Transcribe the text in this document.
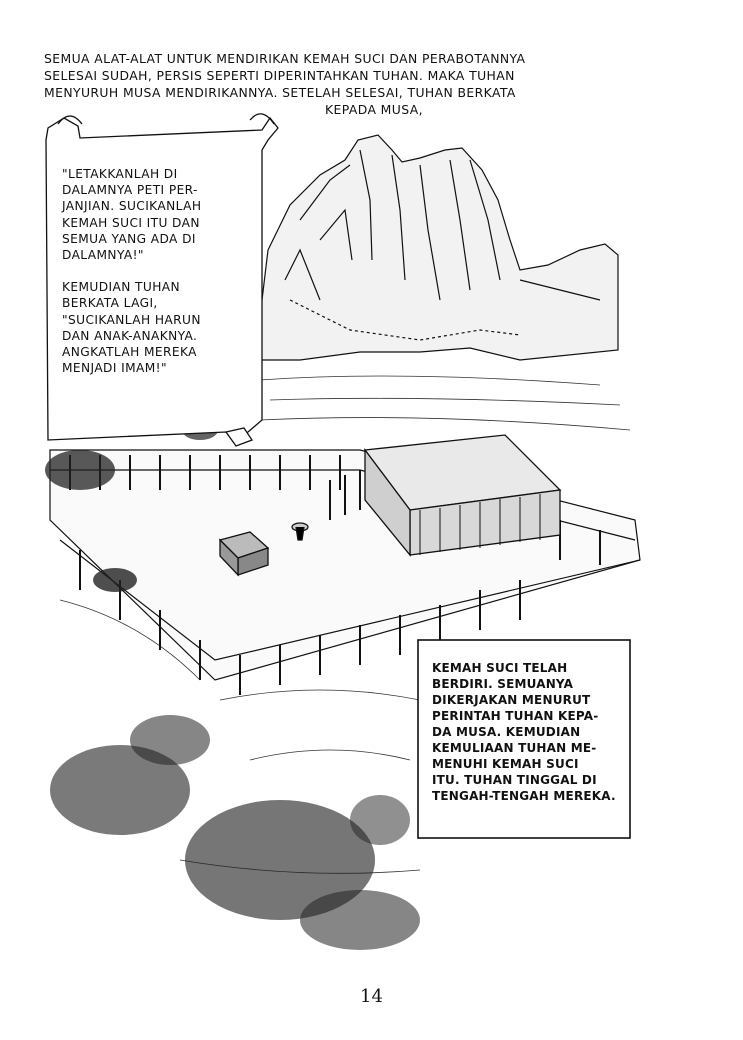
SEMUA ALAT-ALAT UNTUK MENDIRIKAN KEMAH SUCI DAN PERABOTANNYA
SELESAI SUDAH, PERSIS SEPERTI DIPERINTAHKAN TUHAN. MAKA TUHAN
MENYURUH MUSA MENDIRIKANNYA. SETELAH SELESAI, TUHAN BERKATA
KEPADA MUSA,

"LETAKKANLAH DI
DALAMNYA PETI PER-
JANJIAN. SUCIKANLAH
KEMAH SUCI ITU DAN
SEMUA YANG ADA DI
DALAMNYA!"

KEMUDIAN TUHAN
BERKATA LAGI,
"SUCIKANLAH HARUN
DAN ANAK-ANAKNYA.
ANGKATLAH MEREKA
MENJADI IMAM!"

KEMAH SUCI TELAH
BERDIRI. SEMUANYA
DIKERJAKAN MENURUT
PERINTAH TUHAN KEPA-
DA MUSA. KEMUDIAN
KEMULIAAN TUHAN ME-
MENUHI KEMAH SUCI
ITU. TUHAN TINGGAL DI
TENGAH-TENGAH MEREKA.
14
